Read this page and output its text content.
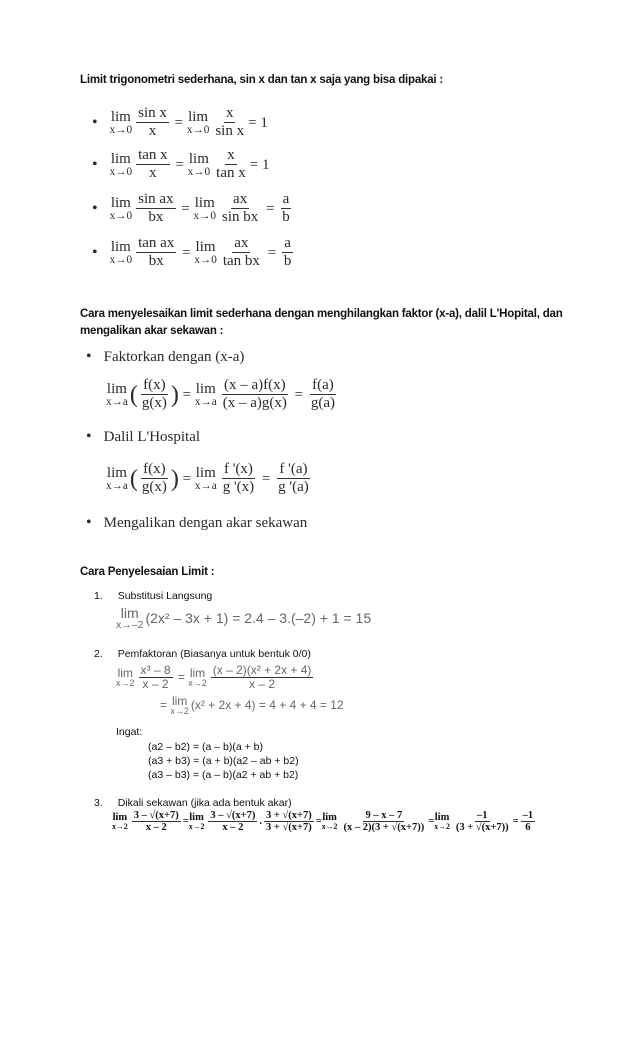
Limit trigonometri sederhana, sin x dan tan x saja yang bisa dipakai :
• lim
$x\to 0 \frac{\text{sin x}}{x} = \lim$
$x\to 0 \frac{x}{\text{sin x}} = 1$
• lim
$x\to 0 \frac{\text{tan x}}{x} = \lim$
$x\to 0 \frac{x}{\text{tan x}} = 1$
• lim
$x\to 0 \frac{\text{sin ax}}{bx} = \lim$
$x\to 0 \frac{ax}{\text{sin bx}} = \frac{a}{b}$
• lim
$x\to 0 \frac{\text{tan ax}}{bx} = \lim$
$x\to 0 \frac{ax}{\text{tan bx}} = \frac{a}{b}$
Cara menyelesaikan limit sederhana dengan menghilangkan faktor (x-a), dalil L'Hopital, dan
mengalikan akar sekawan :
• Faktorkan dengan (x-a)
lim
x→a ( $\frac{f(x)}{g(x)}$ ) = lim
$x\to a \frac{(x - a)f(x)}{(x - a)g(x)} = \frac{f(a)}{g(a)}$
• Dalil L'Hospital
lim
x→a ( $\frac{f(x)}{g(x)}$ ) = lim
$x\to a \frac{f '(x)}{g '(x)} = \frac{f '(a)}{g '(a)}$
• Mengalikan dengan akar sekawan
Cara Penyelesaian Limit :
1. Substitusi Langsung
lim
x→–2 (2x² – 3x + 1) = 2.4 – 3.(–2) + 1 = 15
2. Pemfaktoran (Biasanya untuk bentuk 0/0)
lim
$x\to 2 \frac{\text{x³ – 8}}{x - 2} = \lim$
$x\to 2 \frac{\text{(x – 2)(x² + 2x + 4)}}{x - 2}$
= lim
x→2 (x² + 2x + 4) = 4 + 4 + 4 = 12
Ingat:
(a2 – b2) = (a – b)(a + b)
(a3 + b3) = (a + b)(a2 – ab + b2)
(a3 – b3) = (a – b)(a2 + ab + b2)
3. Dikali sekawan (jika ada bentuk akar)
lim
$x\to 2 \frac{3 - √(x+7)}{x - 2} = \lim$
$x\to 2 \frac{3 - √(x+7)}{x - 2}$ . $\frac{3 + √(x+7)}{3 + √(x+7)} = \lim$
$x\to 2 \frac{9 - x - 7}{(x - 2)(3 + √(x+7))} = \lim$
$x\to 2 \frac{-1}{(3 + √(x+7))} = \frac{-1}{6}$
